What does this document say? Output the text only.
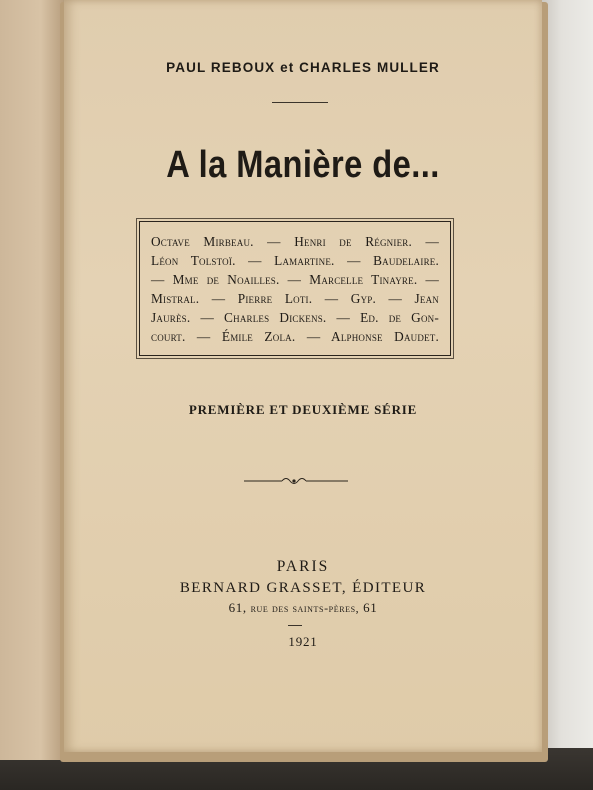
PAUL REBOUX et CHARLES MULLER
A la Manière de...
Octave Mirbeau. — Henri de Régnier. —
Léon Tolstoï. — Lamartine. — Baudelaire.
— Mme de Noailles. — Marcelle Tinayre. —
Mistral. — Pierre Loti. — Gyp. — Jean
Jaurès. — Charles Dickens. — Ed. de Gon-
court. — Émile Zola. — Alphonse Daudet.
PREMIÈRE ET DEUXIÈME SÉRIE
PARIS
BERNARD GRASSET, ÉDITEUR
61, rue des saints-pères, 61
1921
